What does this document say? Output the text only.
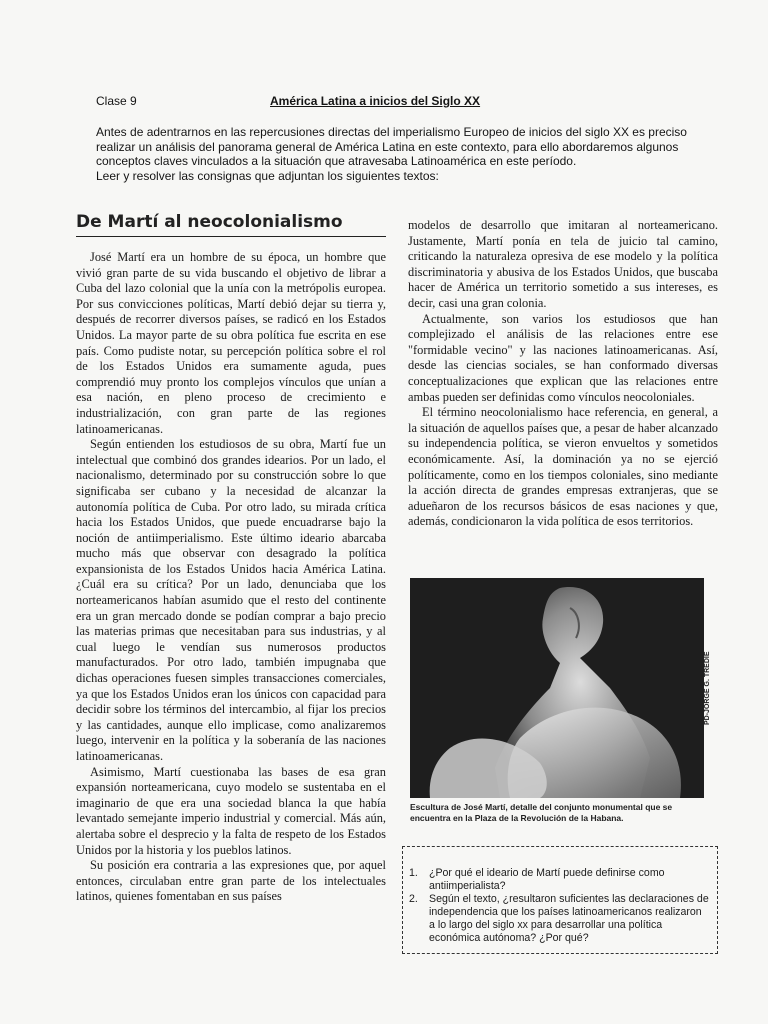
Clase 9	América Latina a inicios del Siglo XX

Antes de adentrarnos en las repercusiones directas del imperialismo Europeo de inicios del siglo XX es preciso realizar un análisis del panorama general de América Latina en este contexto, para ello abordaremos algunos conceptos claves vinculados a la situación que atravesaba Latinoamérica en este período.

Leer y resolver las consignas que adjuntan los siguientes textos:

De Martí al neocolonialismo

José Martí era un hombre de su época, un hombre que vivió gran parte de su vida buscando el objetivo de librar a Cuba del lazo colonial que la unía con la metrópolis europea. Por sus convicciones políticas, Martí debió dejar su tierra y, después de recorrer diversos países, se radicó en los Estados Unidos. La mayor parte de su obra política fue escrita en ese país. Como pudiste notar, su percepción política sobre el rol de los Estados Unidos era sumamente aguda, pues comprendió muy pronto los complejos vínculos que unían a esa nación, en pleno proceso de crecimiento e industrialización, con gran parte de las regiones latinoamericanas.

Según entienden los estudiosos de su obra, Martí fue un intelectual que combinó dos grandes idearios. Por un lado, el nacionalismo, determinado por su construcción sobre lo que significaba ser cubano y la necesidad de alcanzar la autonomía política de Cuba. Por otro lado, su mirada crítica hacia los Estados Unidos, que puede encuadrarse bajo la noción de antiimperialismo. Este último ideario abarcaba mucho más que observar con desagrado la política expansionista de los Estados Unidos hacia América Latina. ¿Cuál era su crítica? Por un lado, denunciaba que los norteamericanos habían asumido que el resto del continente era un gran mercado donde se podían comprar a bajo precio las materias primas que necesitaban para sus industrias, y al cual luego le vendían sus numerosos productos manufacturados. Por otro lado, también impugnaba que dichas operaciones fuesen simples transacciones comerciales, ya que los Estados Unidos eran los únicos con capacidad para decidir sobre los términos del intercambio, al fijar los precios y las cantidades, aunque ello implicase, como analizaremos luego, intervenir en la política y la soberanía de las naciones latinoamericanas.

Asimismo, Martí cuestionaba las bases de esa gran expansión norteamericana, cuyo modelo se sustentaba en el imaginario de que era una sociedad blanca la que había levantado semejante imperio industrial y comercial. Más aún, alertaba sobre el desprecio y la falta de respeto de los Estados Unidos por la historia y los pueblos latinos.

Su posición era contraria a las expresiones que, por aquel entonces, circulaban entre gran parte de los intelectuales latinos, quienes fomentaban en sus países

modelos de desarrollo que imitaran al norteamericano. Justamente, Martí ponía en tela de juicio tal camino, criticando la naturaleza opresiva de ese modelo y la política discriminatoria y abusiva de los Estados Unidos, que buscaba hacer de América un territorio sometido a sus intereses, es decir, casi una gran colonia.

Actualmente, son varios los estudiosos que han complejizado el análisis de las relaciones entre ese "formidable vecino" y las naciones latinoamericanas. Así, desde las ciencias sociales, se han conformado diversas conceptualizaciones que explican que las relaciones entre ambas pueden ser definidas como vínculos neocoloniales.

El término neocolonialismo hace referencia, en general, a la situación de aquellos países que, a pesar de haber alcanzado su independencia política, se vieron envueltos y sometidos económicamente. Así, la dominación ya no se ejerció políticamente, como en los tiempos coloniales, sino mediante la acción directa de grandes empresas extranjeras, que se adueñaron de los recursos básicos de esas naciones y que, además, condicionaron la vida política de esos territorios.

PD-JORGE G. TREDIE
Escultura de José Martí, detalle del conjunto monumental que se encuentra en la Plaza de la Revolución de la Habana.
1.	¿Por qué el ideario de Martí puede definirse como antiimperialista?
2.	Según el texto, ¿resultaron suficientes las declaraciones de independencia que los países latinoamericanos realizaron a lo largo del siglo xx para desarrollar una política económica autónoma? ¿Por qué?
